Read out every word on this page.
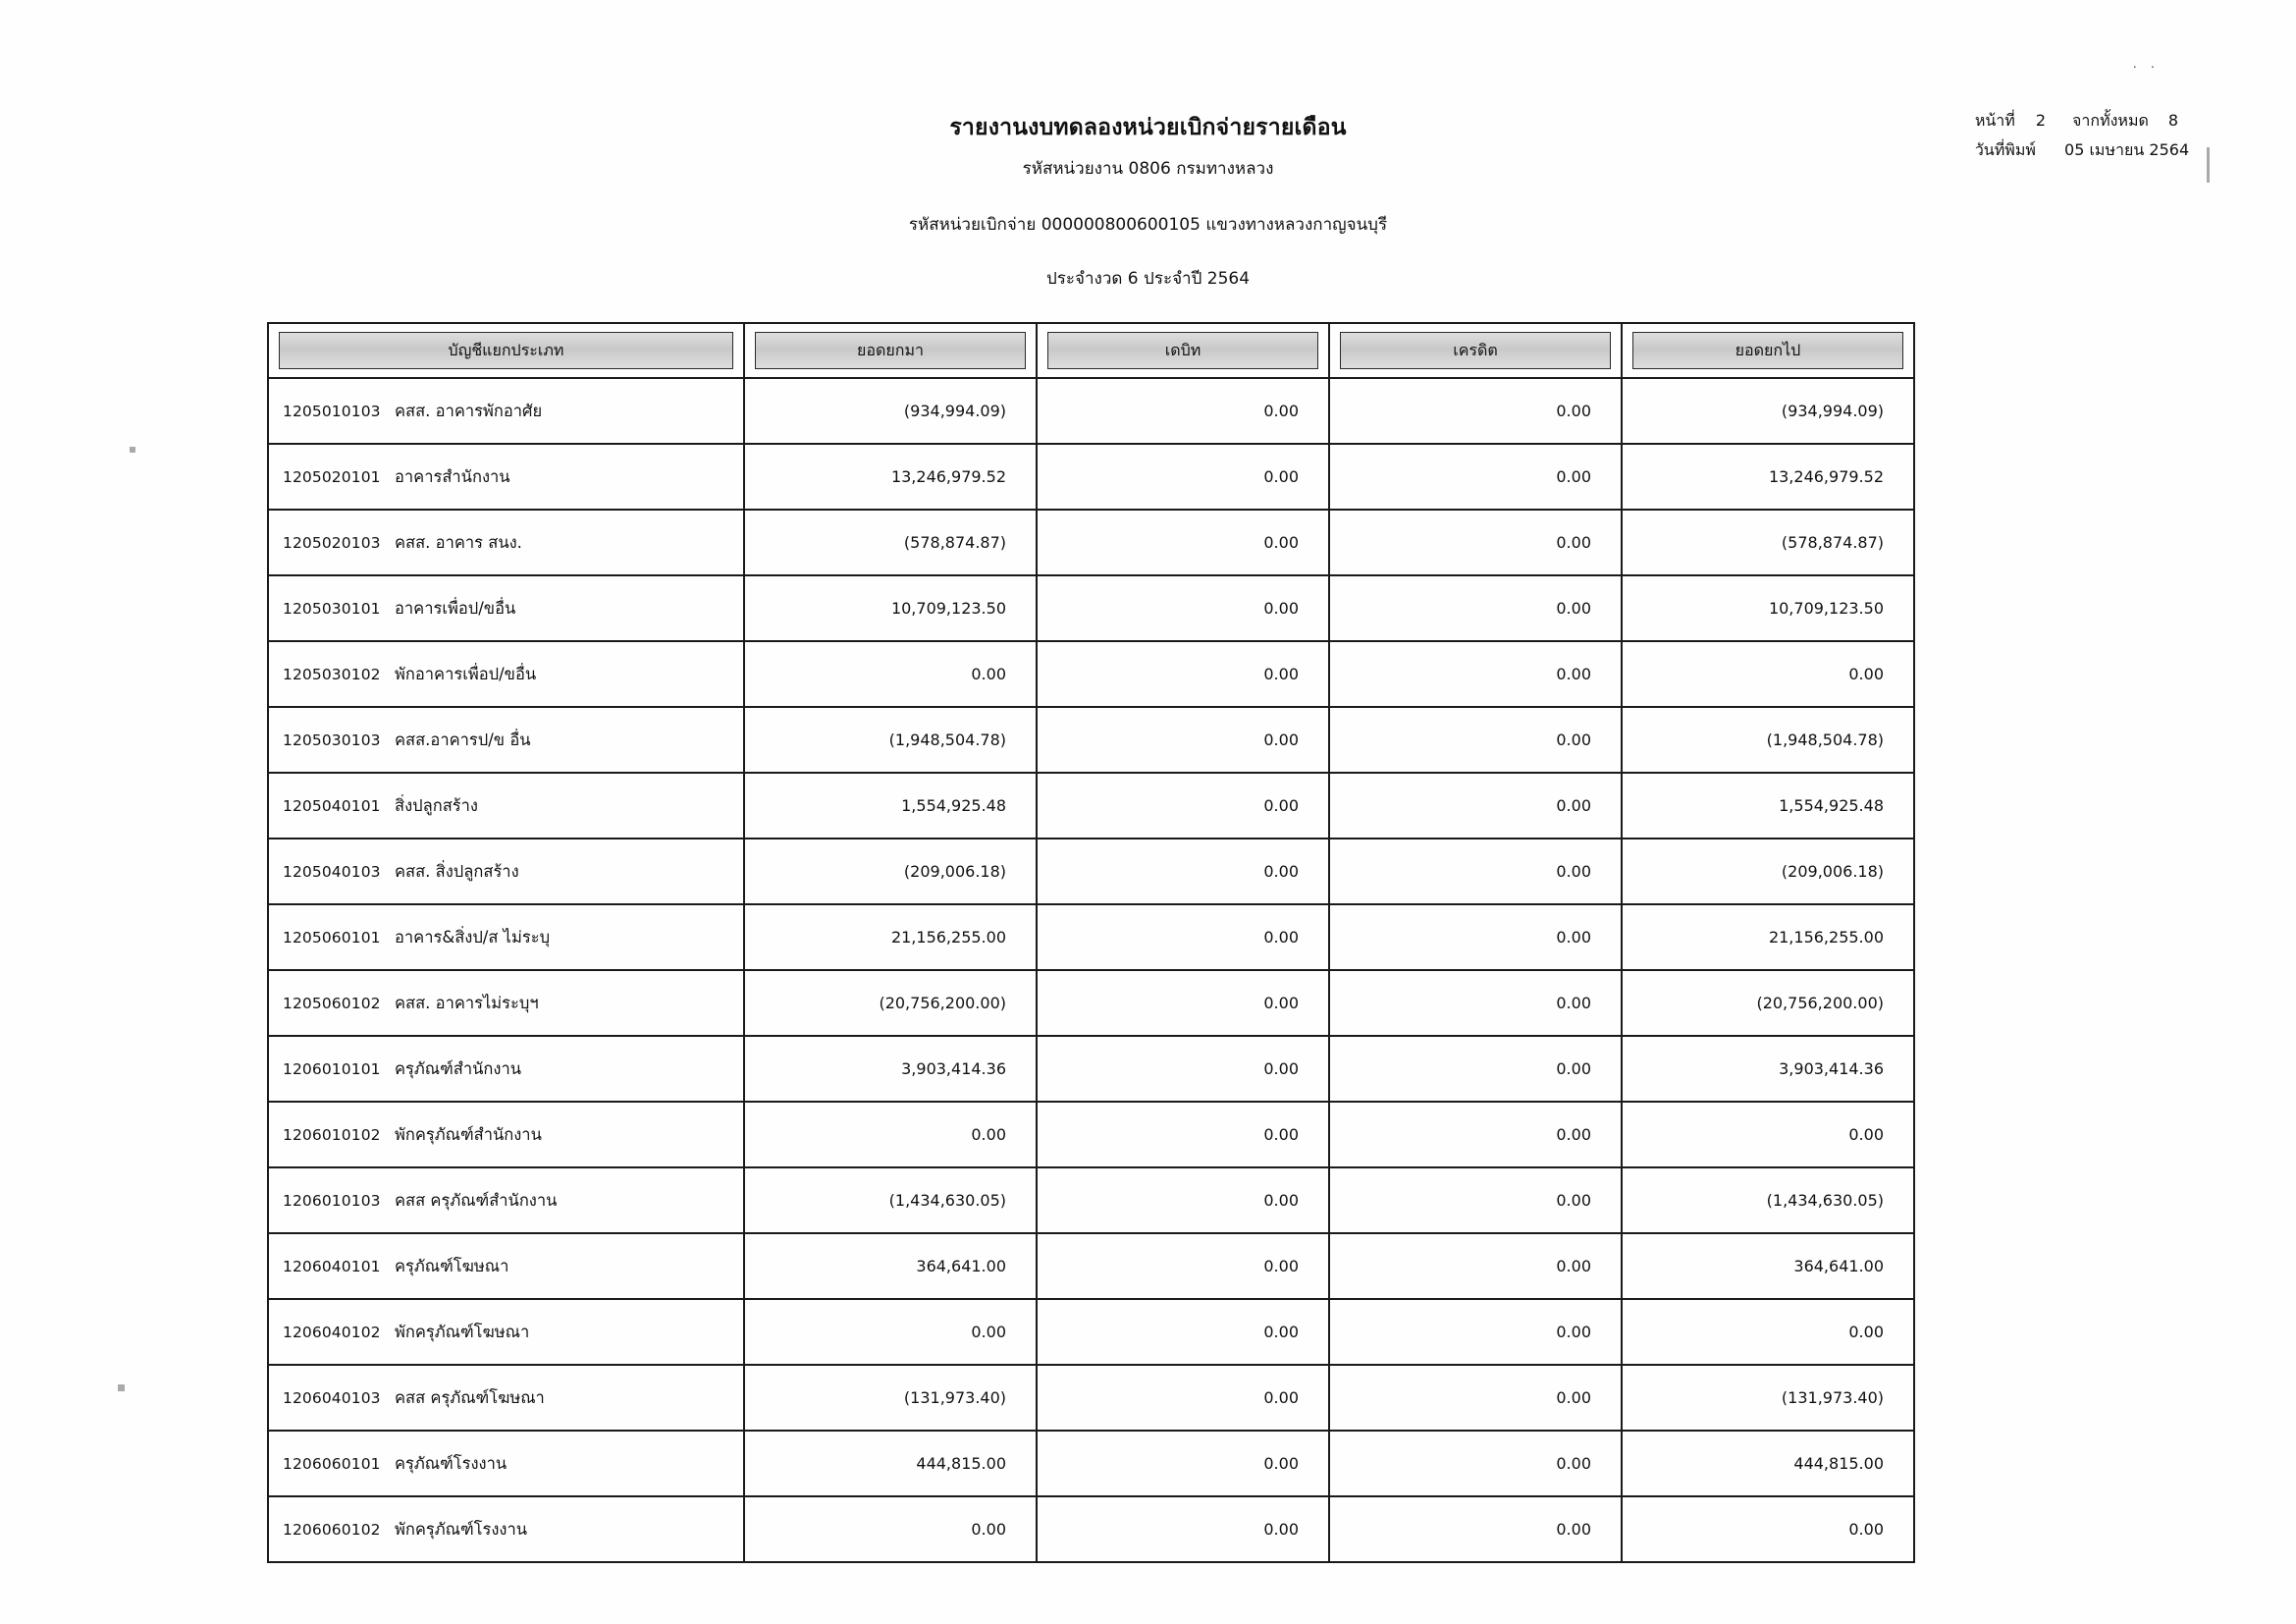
··
รายงานงบทดลองหน่วยเบิกจ่ายรายเดือน
รหัสหน่วยงาน 0806 กรมทางหลวง
รหัสหน่วยเบิกจ่าย 000000800600105 แขวงทางหลวงกาญจนบุรี
ประจำงวด 6 ประจำปี 2564
หน้าที่ 2 จากทั้งหมด 8
วันที่พิมพ์ 05 เมษายน 2564
บัญชีแยกประเภท	ยอดยกมา	เดบิท	เครดิต	ยอดยกไป

1205010103 คสส. อาคารพักอาศัย	(934,994.09)	0.00	0.00	(934,994.09)

1205020101 อาคารสำนักงาน	13,246,979.52	0.00	0.00	13,246,979.52

1205020103 คสส. อาคาร สนง.	(578,874.87)	0.00	0.00	(578,874.87)

1205030101 อาคารเพื่อป/ขอื่น	10,709,123.50	0.00	0.00	10,709,123.50

1205030102 พักอาคารเพื่อป/ขอื่น	0.00	0.00	0.00	0.00

1205030103 คสส.อาคารป/ข อื่น	(1,948,504.78)	0.00	0.00	(1,948,504.78)

1205040101 สิ่งปลูกสร้าง	1,554,925.48	0.00	0.00	1,554,925.48

1205040103 คสส. สิ่งปลูกสร้าง	(209,006.18)	0.00	0.00	(209,006.18)

1205060101 อาคาร&สิ่งป/ส ไม่ระบุ	21,156,255.00	0.00	0.00	21,156,255.00

1205060102 คสส. อาคารไม่ระบุฯ	(20,756,200.00)	0.00	0.00	(20,756,200.00)

1206010101 ครุภัณฑ์สำนักงาน	3,903,414.36	0.00	0.00	3,903,414.36

1206010102 พักครุภัณฑ์สำนักงาน	0.00	0.00	0.00	0.00

1206010103 คสส ครุภัณฑ์สำนักงาน	(1,434,630.05)	0.00	0.00	(1,434,630.05)

1206040101 ครุภัณฑ์โฆษณา	364,641.00	0.00	0.00	364,641.00

1206040102 พักครุภัณฑ์โฆษณา	0.00	0.00	0.00	0.00

1206040103 คสส ครุภัณฑ์โฆษณา	(131,973.40)	0.00	0.00	(131,973.40)

1206060101 ครุภัณฑ์โรงงาน	444,815.00	0.00	0.00	444,815.00

1206060102 พักครุภัณฑ์โรงงาน	0.00	0.00	0.00	0.00
